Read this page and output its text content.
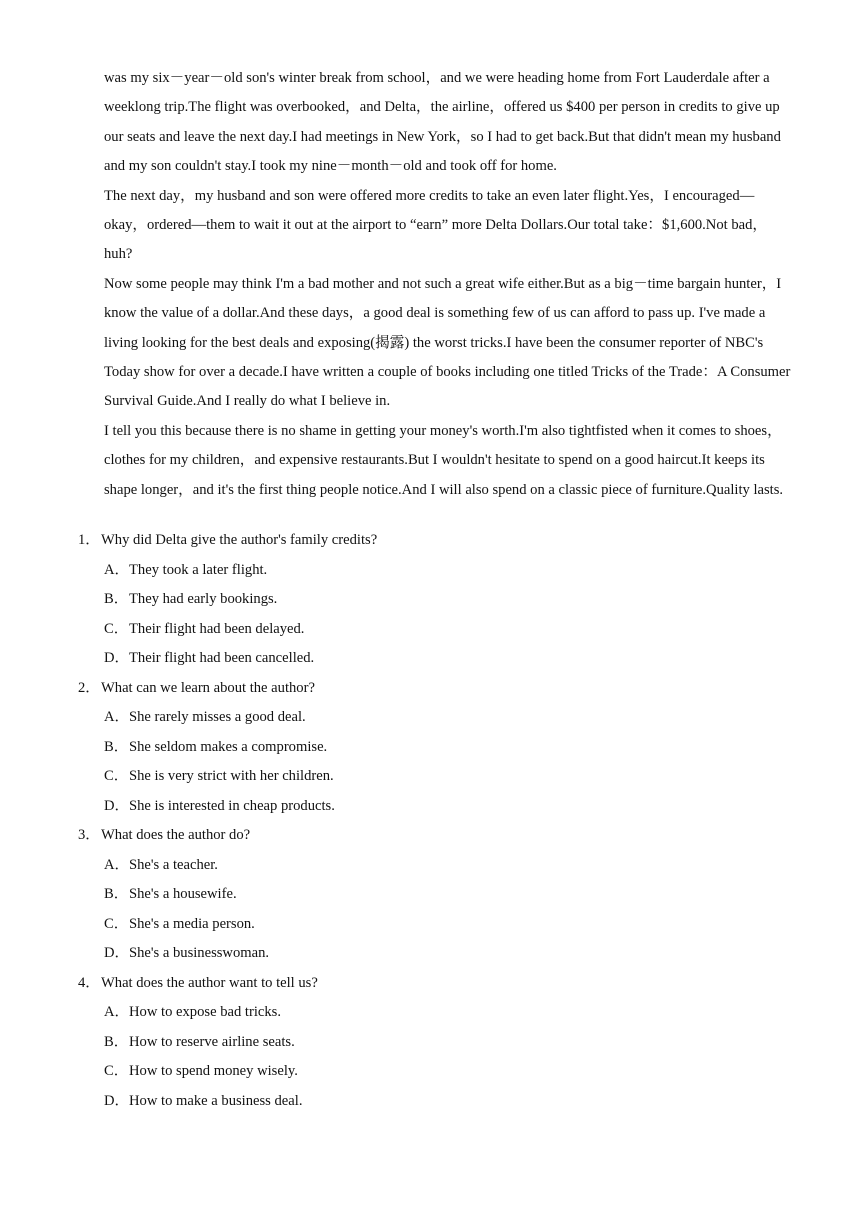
was my six－year－old son's winter break from school，and we were heading home from Fort Lauderdale after a weeklong trip.The flight was overbooked，and Delta，the airline，offered us $400 per person in credits to give up our seats and leave the next day.I had meetings in New York，so I had to get back.But that didn't mean my husband and my son couldn't stay.I took my nine－month－old and took off for home.

The next day，my husband and son were offered more credits to take an even later flight.Yes，I encouraged—okay，ordered—them to wait it out at the airport to “earn” more Delta Dollars.Our total take：$1,600.Not bad，huh?

Now some people may think I'm a bad mother and not such a great wife either.But as a big－time bargain hunter，I know the value of a dollar.And these days，a good deal is something few of us can afford to pass up. I've made a living looking for the best deals and exposing(揭露) the worst tricks.I have been the consumer reporter of NBC's Today show for over a decade.I have written a couple of books including one titled Tricks of the Trade：A Consumer Survival Guide.And I really do what I believe in.

I tell you this because there is no shame in getting your money's worth.I'm also tightfisted when it comes to shoes，clothes for my children，and expensive restaurants.But I wouldn't hesitate to spend on a good haircut.It keeps its shape longer，and it's the first thing people notice.And I will also spend on a classic piece of furniture.Quality lasts.

1．Why did Delta give the author's family credits?
A．They took a later flight.
B．They had early bookings.
C．Their flight had been delayed.
D．Their flight had been cancelled.
2．What can we learn about the author?
A．She rarely misses a good deal.
B．She seldom makes a compromise.
C．She is very strict with her children.
D．She is interested in cheap products.
3．What does the author do?
A．She's a teacher.
B．She's a housewife.
C．She's a media person.
D．She's a businesswoman.
4．What does the author want to tell us?
A．How to expose bad tricks.
B．How to reserve airline seats.
C．How to spend money wisely.
D．How to make a business deal.
